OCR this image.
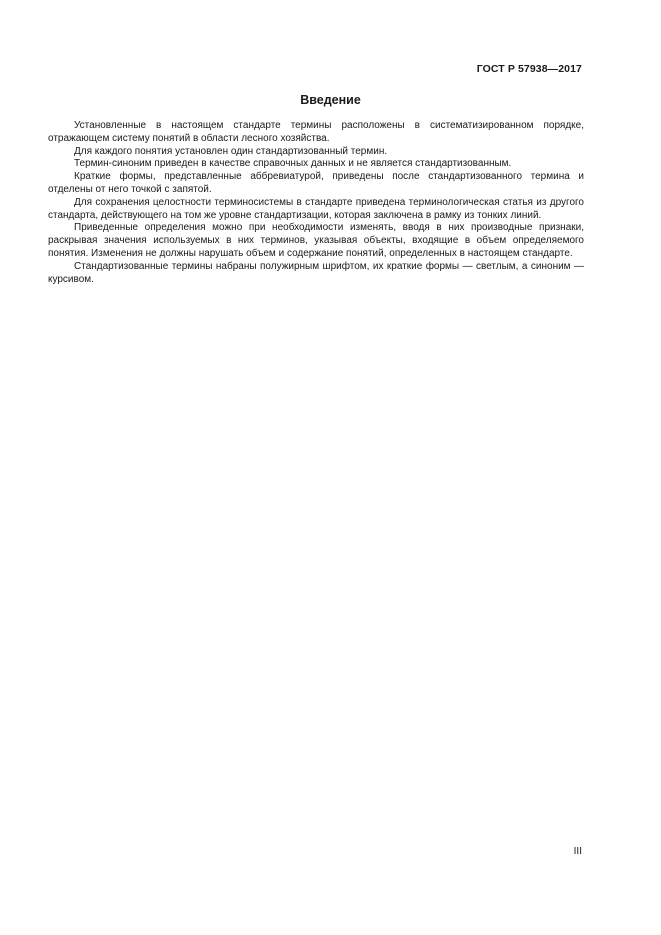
ГОСТ Р 57938—2017
Введение

Установленные в настоящем стандарте термины расположены в систематизированном порядке, отражающем систему понятий в области лесного хозяйства.

Для каждого понятия установлен один стандартизованный термин.

Термин-синоним приведен в качестве справочных данных и не является стандартизованным.

Краткие формы, представленные аббревиатурой, приведены после стандартизованного термина и отделены от него точкой с запятой.

Для сохранения целостности терминосистемы в стандарте приведена терминологическая статья из другого стандарта, действующего на том же уровне стандартизации, которая заключена в рамку из тонких линий.

Приведенные определения можно при необходимости изменять, вводя в них производные признаки, раскрывая значения используемых в них терминов, указывая объекты, входящие в объем определяемого понятия. Изменения не должны нарушать объем и содержание понятий, определенных в настоящем стандарте.

Стандартизованные термины набраны полужирным шрифтом, их краткие формы — светлым, а синоним — курсивом.

III
